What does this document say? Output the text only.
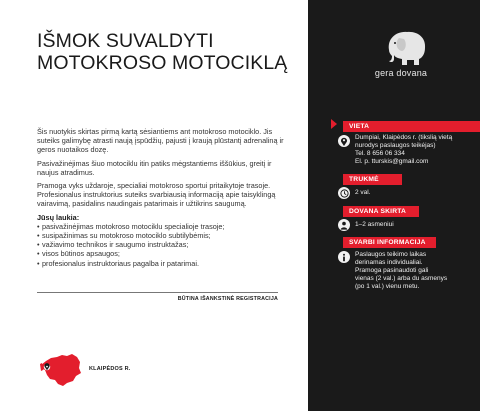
IŠMOK SUVALDYTI
MOTOKROSO MOTOCIKLĄ

Šis nuotykis skirtas pirmą kartą sėsiantiems ant motokroso motociklo. Jis suteiks galimybę atrasti naują įspūdžių, pajusti į kraują plūstantį adrenaliną ir geros nuotaikos dozę.

Pasivažinėjimas šiuo motociklu itin patiks mėgstantiems iššūkius, greitį ir naujus atradimus.

Pramoga vyks uždaroje, specialiai motokroso sportui pritaikytoje trasoje. Profesionalus instruktorius suteiks svarbiausią informaciją apie taisyklingą vairavimą, pasidalins naudingais patarimais ir užtikrins saugumą.

Jūsų laukia:

• pasivažinėjimas motokroso motociklu specialioje trasoje;
• susipažinimas su motokroso motociklo subtilybėmis;
• važiavimo technikos ir saugumo instruktažas;
• visos būtinos apsaugos;
• profesionalus instruktoriaus pagalba ir patarimai.
BŪTINA IŠANKSTINĖ REGISTRACIJA
KLAIPĖDOS R.
gera dovana
VIETA
Dumpiai, Klaipėdos r. (tikslią vietą
nurodys paslaugos teikėjas)
Tel. 8 656 06 334
El. p. tturskis@gmail.com
TRUKMĖ
2 val.
DOVANA SKIRTA
1–2 asmeniui
SVARBI INFORMACIJA
Paslaugos teikimo laikas
derinamas individualiai.
Pramoga pasinaudoti gali
vienas (2 val.) arba du asmenys
(po 1 val.) vienu metu.
